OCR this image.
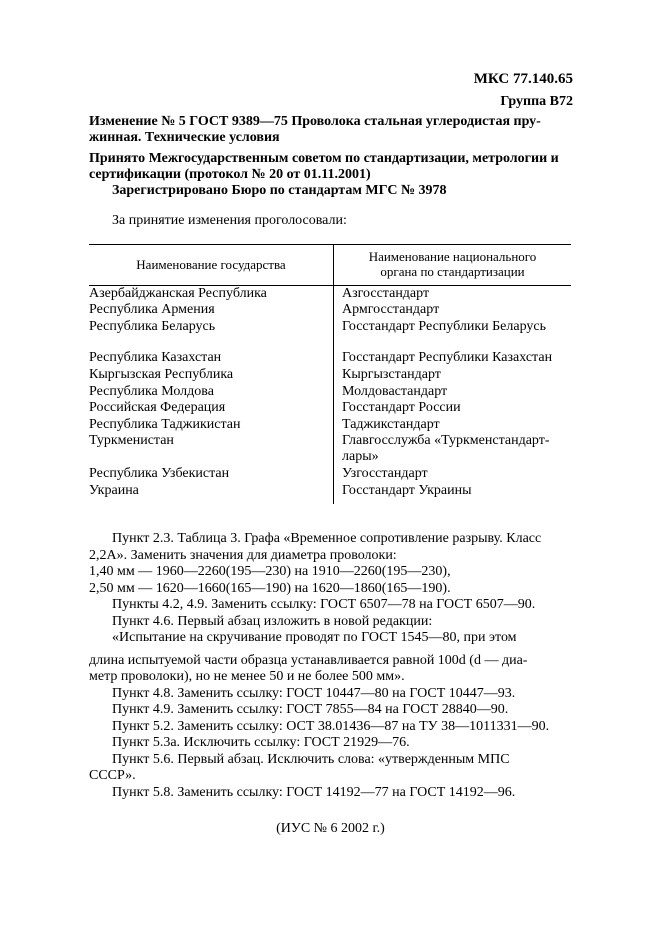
МКС 77.140.65
Группа В72
Изменение № 5 ГОСТ 9389—75 Проволока стальная углеродистая пру-
жинная. Технические условия
Принято Межгосударственным советом по стандартизации, метрологии и
сертификации (протокол № 20 от 01.11.2001)
Зарегистрировано Бюро по стандартам МГС № 3978
За принятие изменения проголосовали:
Наименование государства
Наименование национального
органа по стандартизации
Азербайджанская Республика	Азгосстандарт
Республика Армения	Армгосстандарт
Республика Беларусь	Госстандарт Республики Беларусь
Республика Казахстан	Госстандарт Республики Казахстан
Кыргызская Республика	Кыргызстандарт
Республика Молдова	Молдовастандарт
Российская Федерация	Госстандарт России
Республика Таджикистан	Таджикстандарт
Туркменистан	Главгосслужба «Туркменстандарт-
лары»
Республика Узбекистан	Узгосстандарт
Украина	Госстандарт Украины
Пункт 2.3. Таблица 3. Графа «Временное сопротивление разрыву. Класс
2,2А». Заменить значения для диаметра проволоки:
1,40 мм — 1960—2260(195—230) на 1910—2260(195—230),
2,50 мм — 1620—1660(165—190) на 1620—1860(165—190).
Пункты 4.2, 4.9. Заменить ссылку: ГОСТ 6507—78 на ГОСТ 6507—90.
Пункт 4.6. Первый абзац изложить в новой редакции:
«Испытание на скручивание проводят по ГОСТ 1545—80, при этом
длина испытуемой части образца устанавливается равной 100d (d — диа-
метр проволоки), но не менее 50 и не более 500 мм».
Пункт 4.8. Заменить ссылку: ГОСТ 10447—80 на ГОСТ 10447—93.
Пункт 4.9. Заменить ссылку: ГОСТ 7855—84 на ГОСТ 28840—90.
Пункт 5.2. Заменить ссылку: ОСТ 38.01436—87 на ТУ 38—1011331—90.
Пункт 5.3а. Исключить ссылку: ГОСТ 21929—76.
Пункт 5.6. Первый абзац. Исключить слова: «утвержденным МПС
СССР».
Пункт 5.8. Заменить ссылку: ГОСТ 14192—77 на ГОСТ 14192—96.
(ИУС № 6 2002 г.)
